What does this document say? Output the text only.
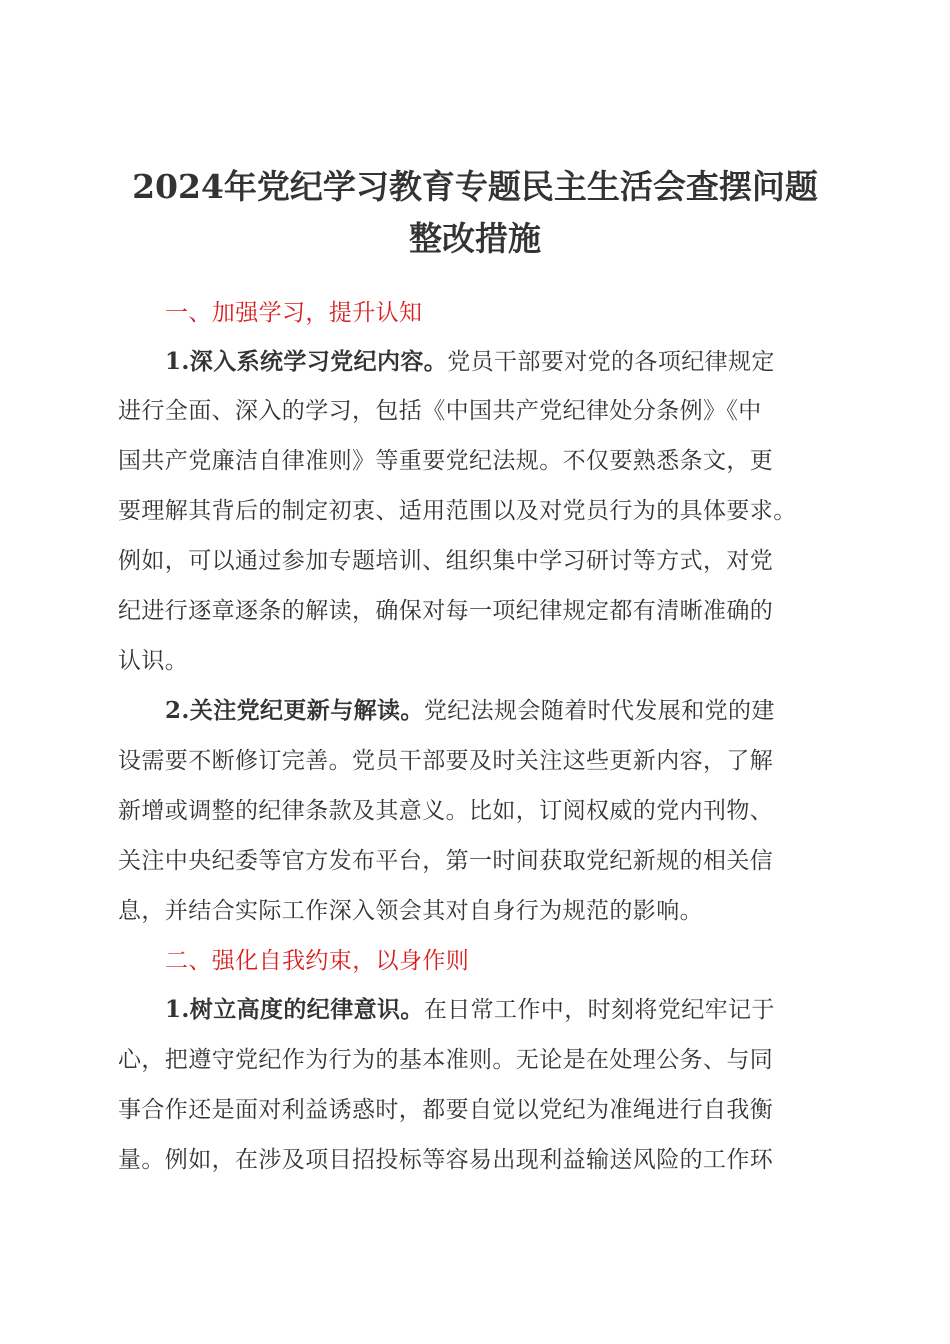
2024年党纪学习教育专题民主生活会查摆问题
整改措施
一、加强学习，提升认知
1.深入系统学习党纪内容。党员干部要对党的各项纪律规定
进行全面、深入的学习，包括《中国共产党纪律处分条例》《中
国共产党廉洁自律准则》等重要党纪法规。不仅要熟悉条文，更
要理解其背后的制定初衷、适用范围以及对党员行为的具体要求。
例如，可以通过参加专题培训、组织集中学习研讨等方式，对党
纪进行逐章逐条的解读，确保对每一项纪律规定都有清晰准确的
认识。
2.关注党纪更新与解读。党纪法规会随着时代发展和党的建
设需要不断修订完善。党员干部要及时关注这些更新内容，了解
新增或调整的纪律条款及其意义。比如，订阅权威的党内刊物、
关注中央纪委等官方发布平台，第一时间获取党纪新规的相关信
息，并结合实际工作深入领会其对自身行为规范的影响。
二、强化自我约束，以身作则
1.树立高度的纪律意识。在日常工作中，时刻将党纪牢记于
心，把遵守党纪作为行为的基本准则。无论是在处理公务、与同
事合作还是面对利益诱惑时，都要自觉以党纪为准绳进行自我衡
量。例如，在涉及项目招投标等容易出现利益输送风险的工作环
